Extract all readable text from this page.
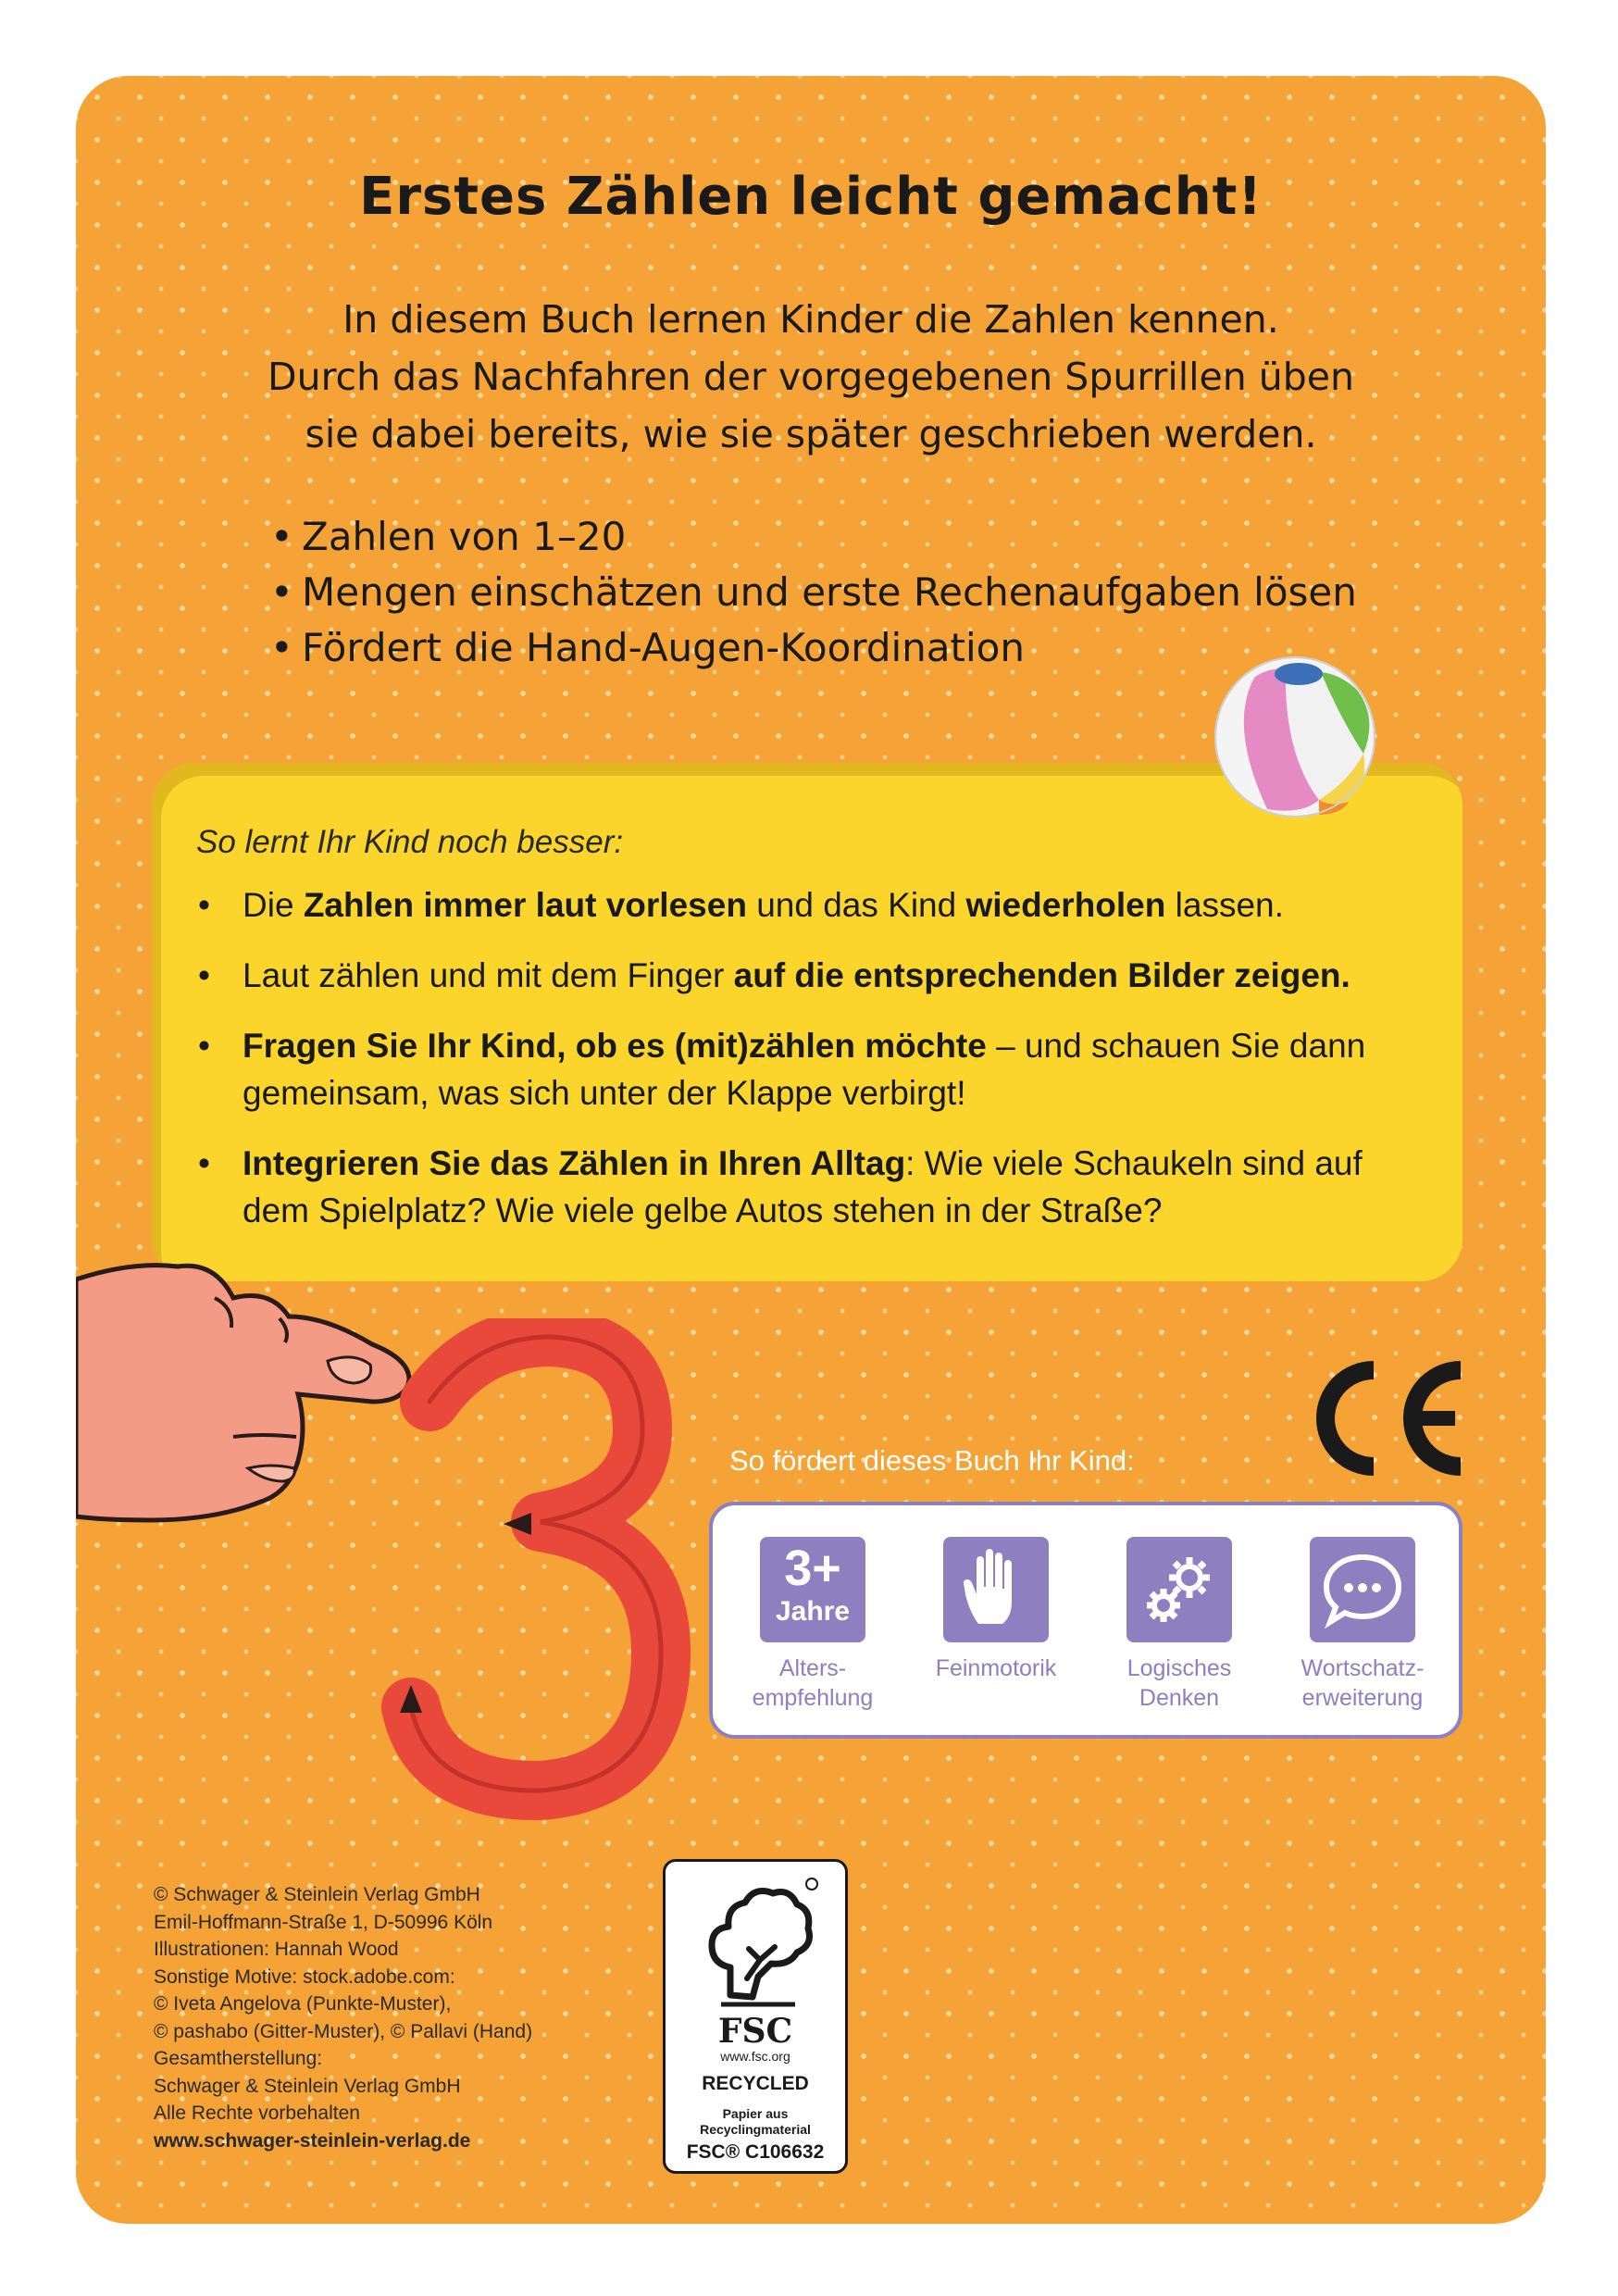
Erstes Zählen leicht gemacht!
In diesem Buch lernen Kinder die Zahlen kennen.
Durch das Nachfahren der vorgegebenen Spurrillen üben
sie dabei bereits, wie sie später geschrieben werden.
• Zahlen von 1–20
• Mengen einschätzen und erste Rechenaufgaben lösen
• Fördert die Hand-Augen-Koordination
So lernt Ihr Kind noch besser:
• Die Zahlen immer laut vorlesen und das Kind wiederholen lassen.
• Laut zählen und mit dem Finger auf die entsprechenden Bilder zeigen.
• Fragen Sie Ihr Kind, ob es (mit)zählen möchte – und schauen Sie dann gemeinsam, was sich unter der Klappe verbirgt!
• Integrieren Sie das Zählen in Ihren Alltag: Wie viele Schaukeln sind auf dem Spielplatz? Wie viele gelbe Autos stehen in der Straße?
So fördert dieses Buch Ihr Kind:
3+
Jahre
Alters-
empfehlung
Feinmotorik	Logisches
Denken
Wortschatz-
erweiterung
© Schwager & Steinlein Verlag GmbH
Emil-Hoffmann-Straße 1, D-50996 Köln
Illustrationen: Hannah Wood
Sonstige Motive: stock.adobe.com:
© Iveta Angelova (Punkte-Muster),
© pashabo (Gitter-Muster), © Pallavi (Hand)
Gesamtherstellung:
Schwager & Steinlein Verlag GmbH
Alle Rechte vorbehalten
www.schwager-steinlein-verlag.de
FSC
www.fsc.org
RECYCLED
Papier aus
Recyclingmaterial
FSC® C106632
